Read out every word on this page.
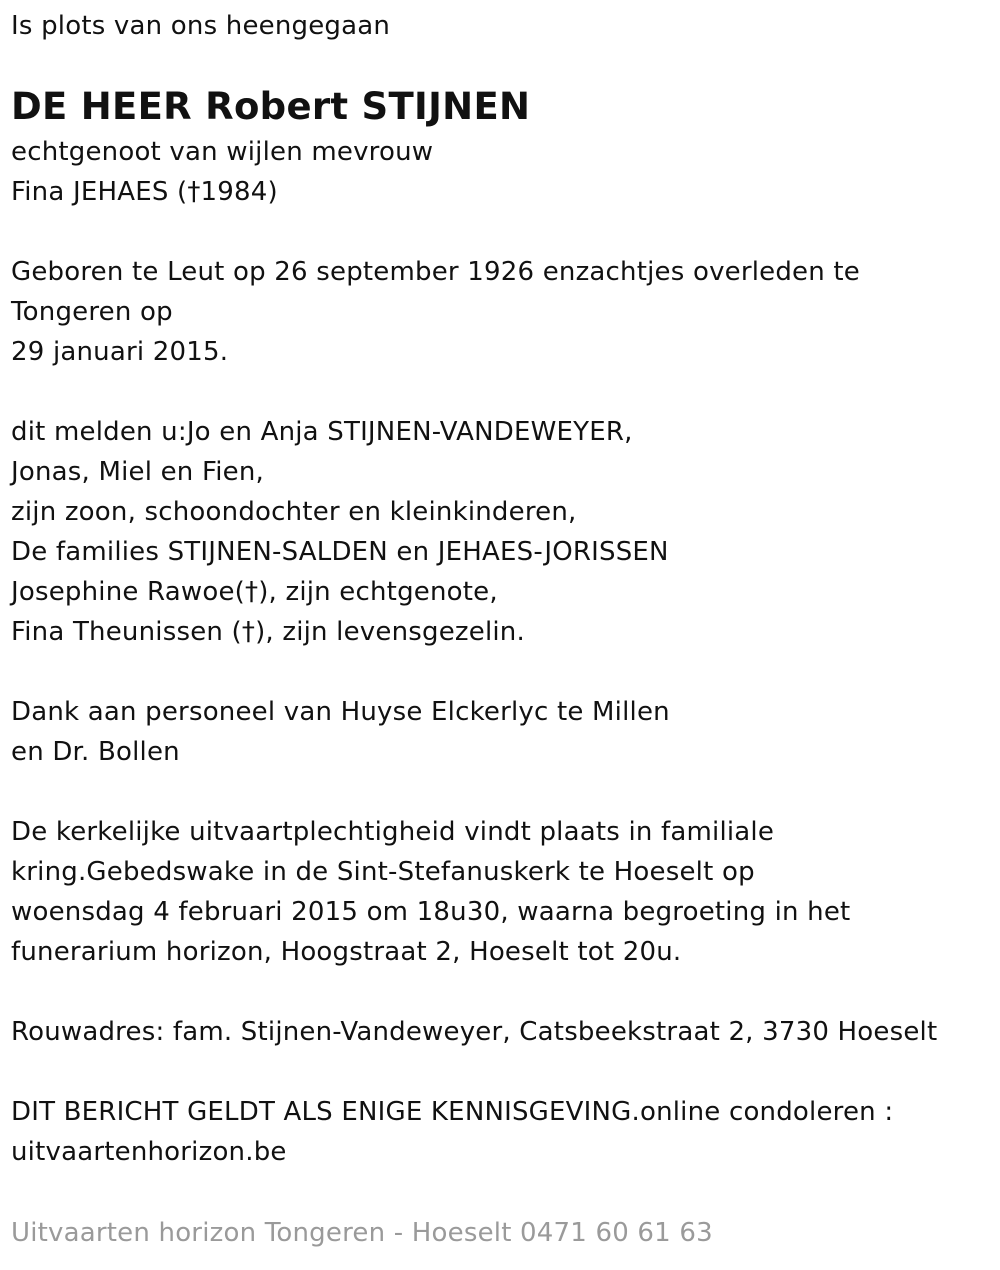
Is plots van ons heengegaan
DE HEER Robert STIJNEN
echtgenoot van wijlen mevrouw
Fina JEHAES (†1984)
Geboren te Leut op 26 september 1926 enzachtjes overleden te
Tongeren op
29 januari 2015.
dit melden u:Jo en Anja STIJNEN-VANDEWEYER,
Jonas, Miel en Fien,
zijn zoon, schoondochter en kleinkinderen,
De families STIJNEN-SALDEN en JEHAES-JORISSEN
Josephine Rawoe(†), zijn echtgenote,
Fina Theunissen (†), zijn levensgezelin.
Dank aan personeel van Huyse Elckerlyc te Millen
en Dr. Bollen
De kerkelijke uitvaartplechtigheid vindt plaats in familiale
kring.Gebedswake in de Sint-Stefanuskerk te Hoeselt op
woensdag 4 februari 2015 om 18u30, waarna begroeting in het
funerarium horizon, Hoogstraat 2, Hoeselt tot 20u.
Rouwadres: fam. Stijnen-Vandeweyer, Catsbeekstraat 2, 3730 Hoeselt
DIT BERICHT GELDT ALS ENIGE KENNISGEVING.online condoleren :
uitvaartenhorizon.be
Uitvaarten horizon Tongeren - Hoeselt 0471 60 61 63
